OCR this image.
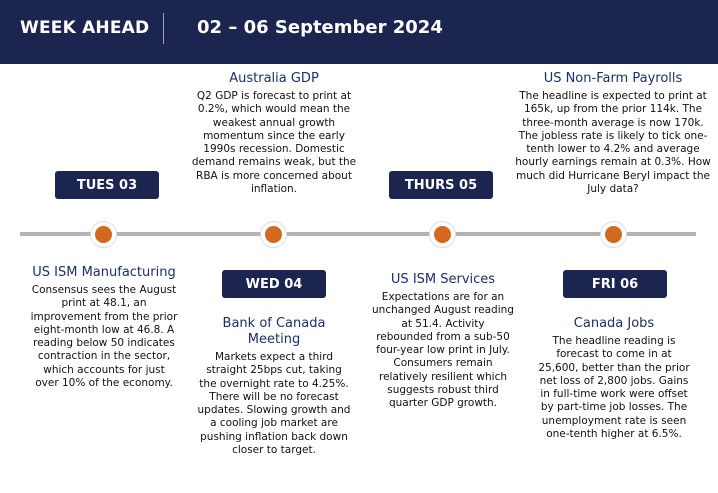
WEEK AHEAD	02 – 06 September 2024
Australia GDP
Q2 GDP is forecast to print at 0.2%, which would mean the weakest annual growth momentum since the early 1990s recession. Domestic demand remains weak, but the RBA is more concerned about inflation.
US Non-Farm Payrolls
The headline is expected to print at 165k, up from the prior 114k. The three-month average is now 170k. The jobless rate is likely to tick one-tenth lower to 4.2% and average hourly earnings remain at 0.3%. How much did Hurricane Beryl impact the July data?
TUES 03	THURS 05
WED 04	FRI 06
US ISM Manufacturing
Consensus sees the August print at 48.1, an improvement from the prior eight-month low at 46.8. A reading below 50 indicates contraction in the sector, which accounts for just over 10% of the economy.
US ISM Services
Expectations are for an unchanged August reading at 51.4. Activity rebounded from a sub-50 four-year low print in July. Consumers remain relatively resilient which suggests robust third quarter GDP growth.
Bank of Canada Meeting
Markets expect a third straight 25bps cut, taking the overnight rate to 4.25%. There will be no forecast updates. Slowing growth and a cooling job market are pushing inflation back down closer to target.
Canada Jobs
The headline reading is forecast to come in at 25,600, better than the prior net loss of 2,800 jobs. Gains in full-time work were offset by part-time job losses. The unemployment rate is seen one-tenth higher at 6.5%.
